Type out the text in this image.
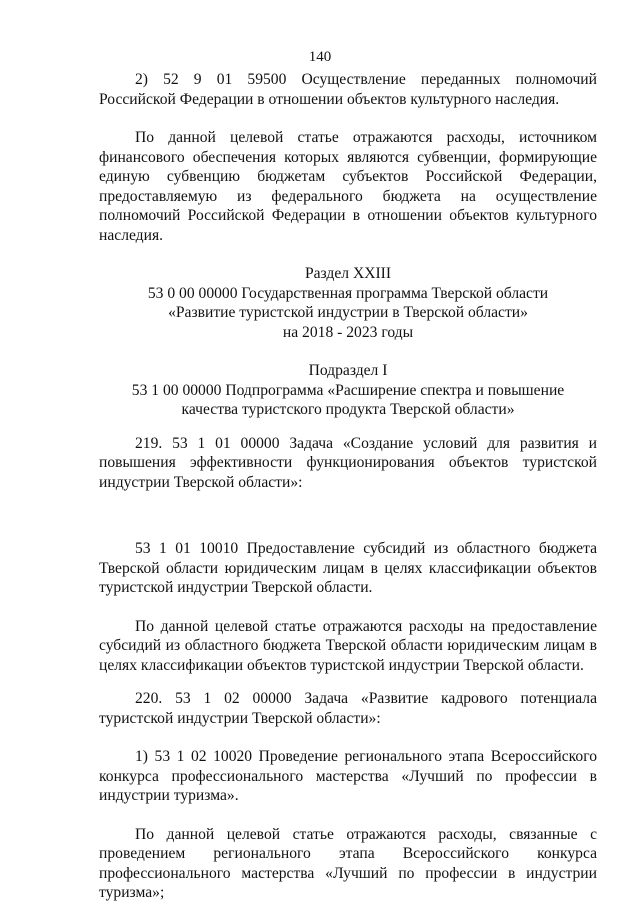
140

2) 52 9 01 59500 Осуществление переданных полномочий Российской Федерации в отношении объектов культурного наследия.

По данной целевой статье отражаются расходы, источником финансового обеспечения которых являются субвенции, формирующие единую субвенцию бюджетам субъектов Российской Федерации, предоставляемую из федерального бюджета на осуществление полномочий Российской Федерации в отношении объектов культурного наследия.

Раздел XXIII

53 0 00 00000 Государственная программа Тверской области

«Развитие туристской индустрии в Тверской области»

на 2018 - 2023 годы

Подраздел I

53 1 00 00000 Подпрограмма «Расширение спектра и повышение

качества туристского продукта Тверской области»

219. 53 1 01 00000 Задача «Создание условий для развития и повышения эффективности функционирования объектов туристской индустрии Тверской области»:

53 1 01 10010 Предоставление субсидий из областного бюджета Тверской области юридическим лицам в целях классификации объектов туристской индустрии Тверской области.

По данной целевой статье отражаются расходы на предоставление субсидий из областного бюджета Тверской области юридическим лицам в целях классификации объектов туристской индустрии Тверской области.

220. 53 1 02 00000 Задача «Развитие кадрового потенциала туристской индустрии Тверской области»:

1) 53 1 02 10020 Проведение регионального этапа Всероссийского конкурса профессионального мастерства «Лучший по профессии в индустрии туризма».

По данной целевой статье отражаются расходы, связанные с проведением регионального этапа Всероссийского конкурса профессионального мастерства «Лучший по профессии в индустрии туризма»;
